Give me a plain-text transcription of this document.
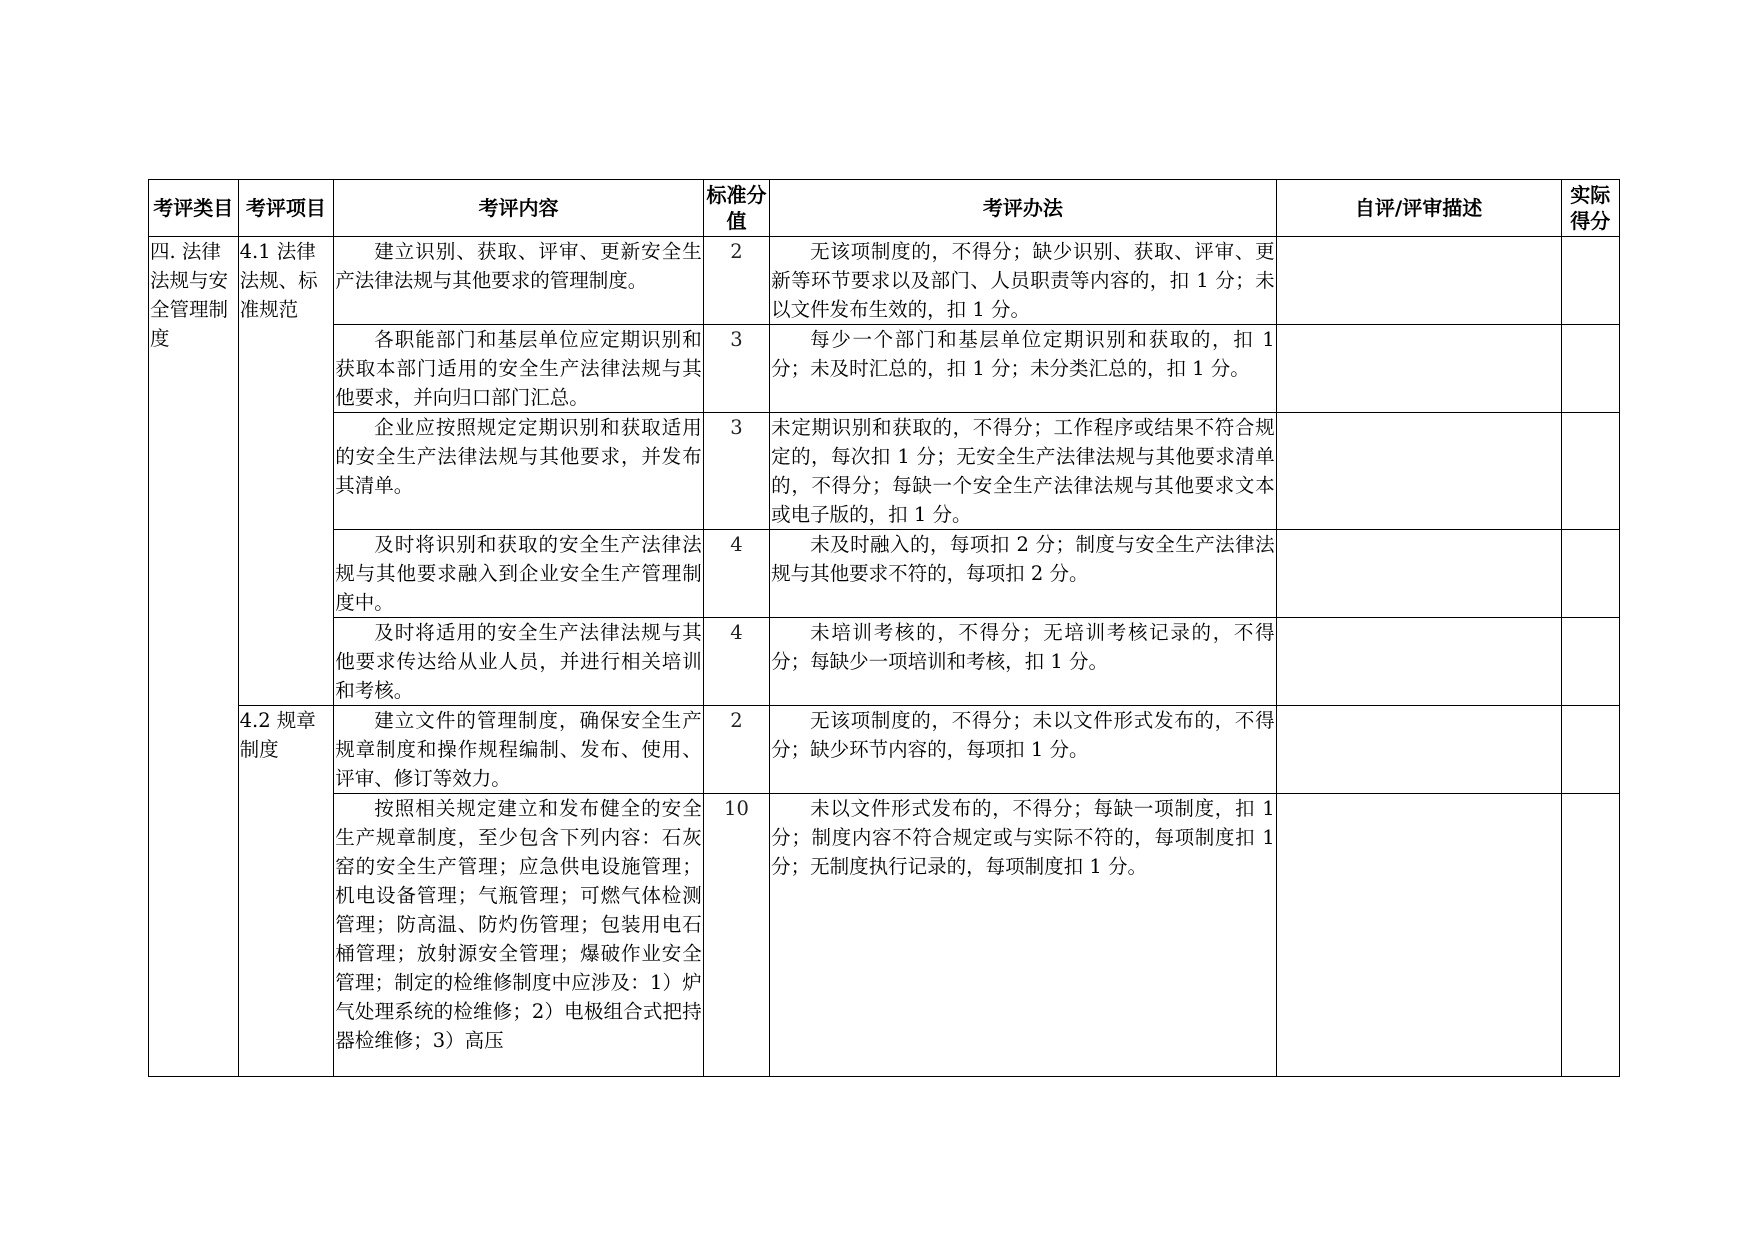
考评类目	考评项目	考评内容	标准分值	考评办法	自评/评审描述	实际得分
四. 法律法规与安全管理制度	4.1 法律法规、标准规范	建立识别、获取、评审、更新安全生产法律法规与其他要求的管理制度。	2	无该项制度的，不得分；缺少识别、获取、评审、更新等环节要求以及部门、人员职责等内容的，扣 1 分；未以文件发布生效的，扣 1 分。		
		各职能部门和基层单位应定期识别和获取本部门适用的安全生产法律法规与其他要求，并向归口部门汇总。	3	每少一个部门和基层单位定期识别和获取的，扣 1 分；未及时汇总的，扣 1 分；未分类汇总的，扣 1 分。		
		企业应按照规定定期识别和获取适用的安全生产法律法规与其他要求，并发布其清单。	3	未定期识别和获取的，不得分；工作程序或结果不符合规定的，每次扣 1 分；无安全生产法律法规与其他要求清单的，不得分；每缺一个安全生产法律法规与其他要求文本或电子版的，扣 1 分。		
		及时将识别和获取的安全生产法律法规与其他要求融入到企业安全生产管理制度中。	4	未及时融入的，每项扣 2 分；制度与安全生产法律法规与其他要求不符的，每项扣 2 分。		
		及时将适用的安全生产法律法规与其他要求传达给从业人员，并进行相关培训和考核。	4	未培训考核的，不得分；无培训考核记录的，不得分；每缺少一项培训和考核，扣 1 分。		
	4.2 规章制度	建立文件的管理制度，确保安全生产规章制度和操作规程编制、发布、使用、评审、修订等效力。	2	无该项制度的，不得分；未以文件形式发布的，不得分；缺少环节内容的，每项扣 1 分。		
		按照相关规定建立和发布健全的安全生产规章制度，至少包含下列内容：石灰窑的安全生产管理；应急供电设施管理；机电设备管理；气瓶管理；可燃气体检测管理；防高温、防灼伤管理；包装用电石桶管理；放射源安全管理；爆破作业安全管理；制定的检维修制度中应涉及：1）炉气处理系统的检维修；2）电极组合式把持器检维修；3）高压	10	未以文件形式发布的，不得分；每缺一项制度，扣 1 分；制度内容不符合规定或与实际不符的，每项制度扣 1 分；无制度执行记录的，每项制度扣 1 分。		
